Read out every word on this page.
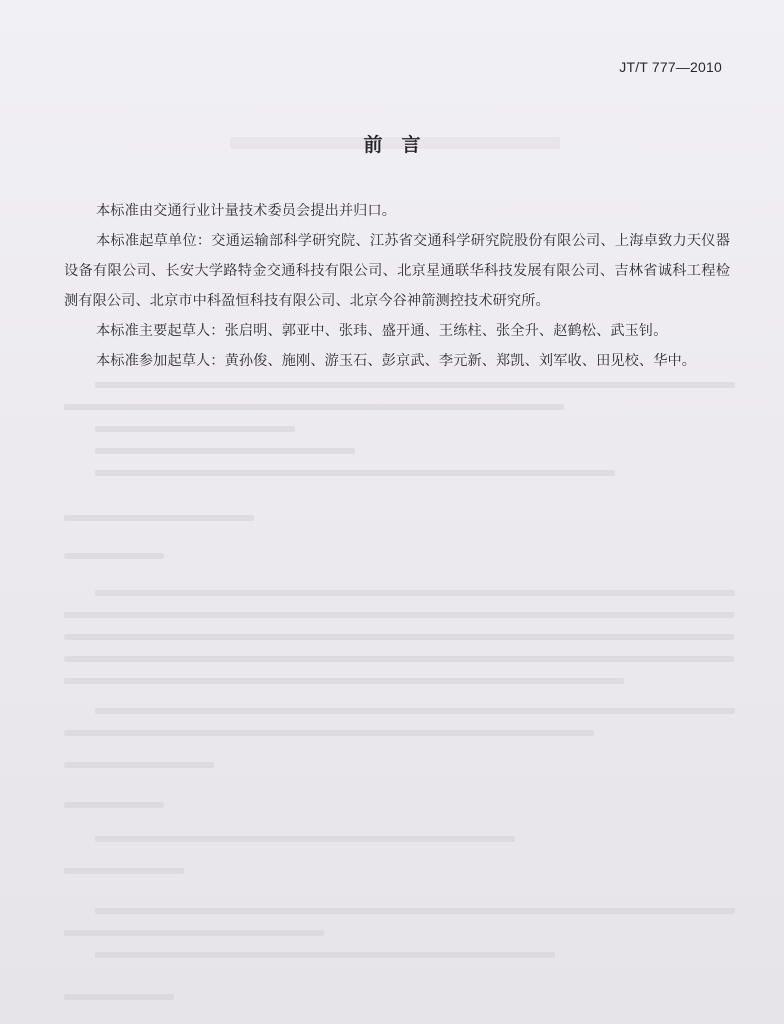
JT/T 777—2010
前　言

本标准由交通行业计量技术委员会提出并归口。

本标准起草单位：交通运输部科学研究院、江苏省交通科学研究院股份有限公司、上海卓致力天仪器设备有限公司、长安大学路特金交通科技有限公司、北京星通联华科技发展有限公司、吉林省诚科工程检测有限公司、北京市中科盈恒科技有限公司、北京今谷神箭测控技术研究所。

本标准主要起草人：张启明、郭亚中、张玮、盛开通、王练柱、张全升、赵鹤松、武玉钊。

本标准参加起草人：黄孙俊、施刚、游玉石、彭京武、李元新、郑凯、刘军收、田见校、华中。
